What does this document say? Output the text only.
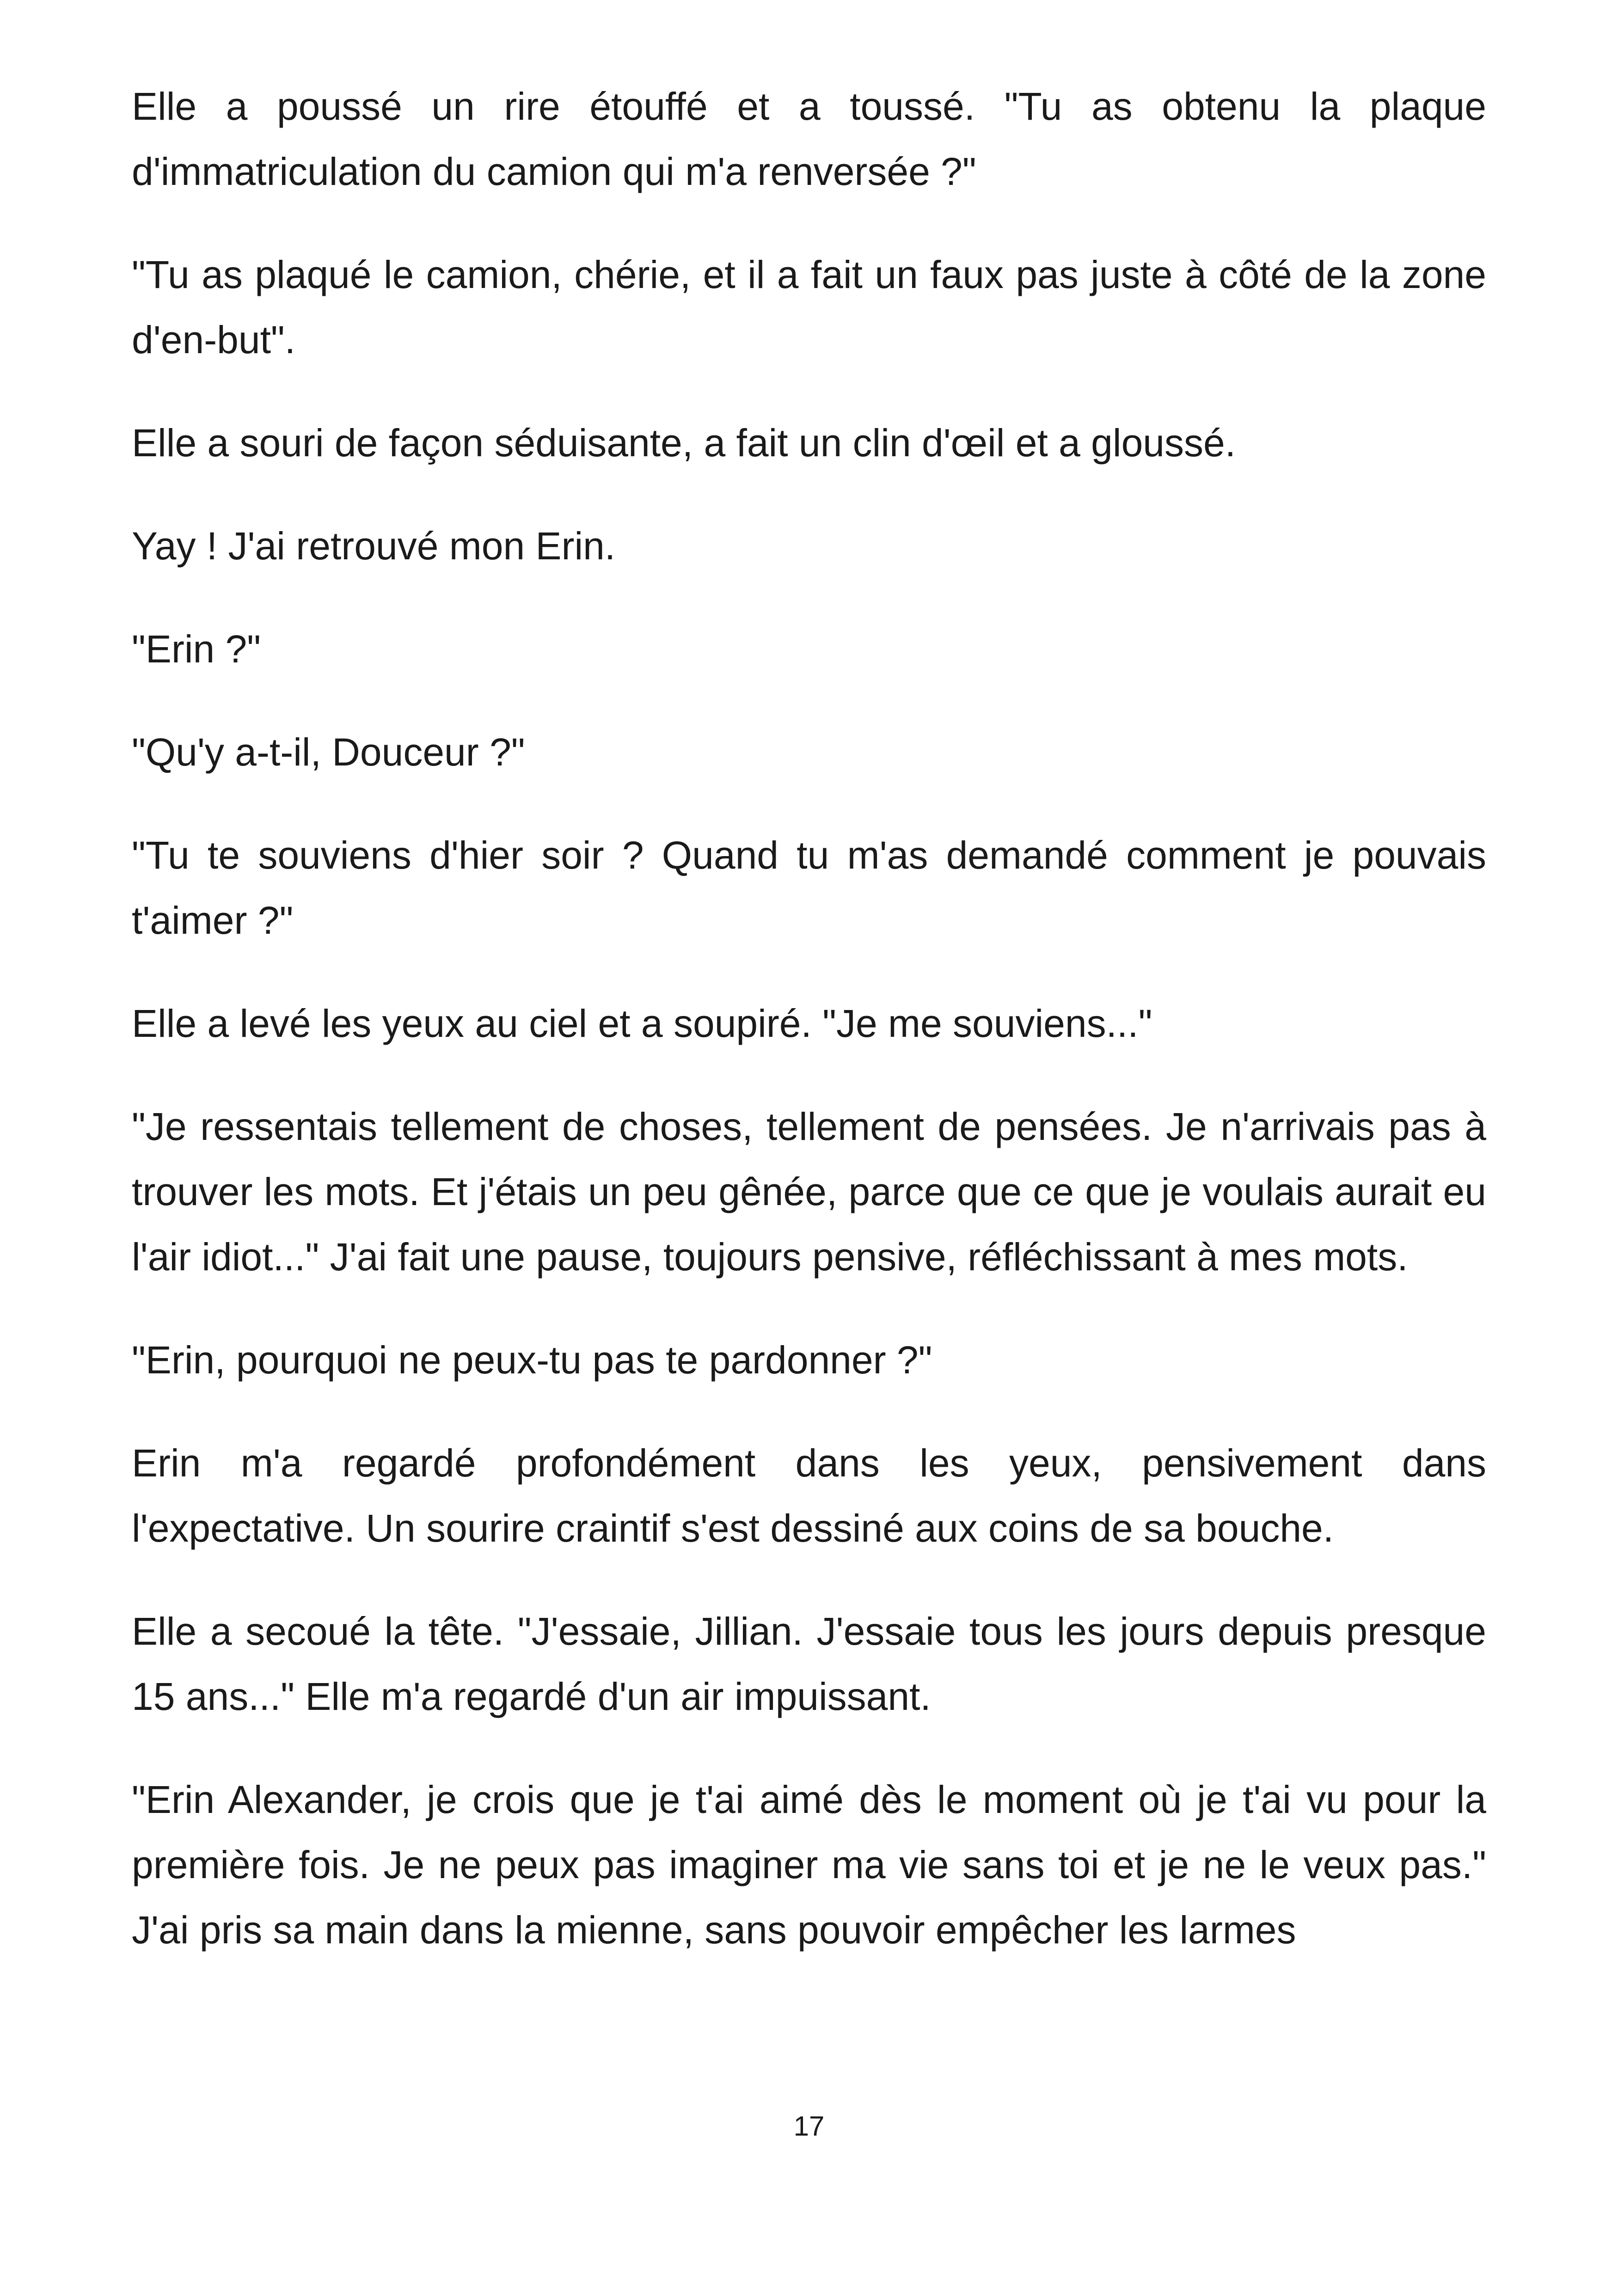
Elle a poussé un rire étouffé et a toussé. "Tu as obtenu la plaque d'immatriculation du camion qui m'a renversée ?"

"Tu as plaqué le camion, chérie, et il a fait un faux pas juste à côté de la zone d'en-but".

Elle a souri de façon séduisante, a fait un clin d'œil et a gloussé.

Yay ! J'ai retrouvé mon Erin.

"Erin ?"

"Qu'y a-t-il, Douceur ?"

"Tu te souviens d'hier soir ? Quand tu m'as demandé comment je pouvais t'aimer ?"

Elle a levé les yeux au ciel et a soupiré. "Je me souviens..."

"Je ressentais tellement de choses, tellement de pensées. Je n'arrivais pas à trouver les mots. Et j'étais un peu gênée, parce que ce que je voulais aurait eu l'air idiot..." J'ai fait une pause, toujours pensive, réfléchissant à mes mots.

"Erin, pourquoi ne peux-tu pas te pardonner ?"

Erin m'a regardé profondément dans les yeux, pensivement dans l'expectative. Un sourire craintif s'est dessiné aux coins de sa bouche.

Elle a secoué la tête. "J'essaie, Jillian. J'essaie tous les jours depuis presque 15 ans..." Elle m'a regardé d'un air impuissant.

"Erin Alexander, je crois que je t'ai aimé dès le moment où je t'ai vu pour la première fois. Je ne peux pas imaginer ma vie sans toi et je ne le veux pas." J'ai pris sa main dans la mienne, sans pouvoir empêcher les larmes

17
